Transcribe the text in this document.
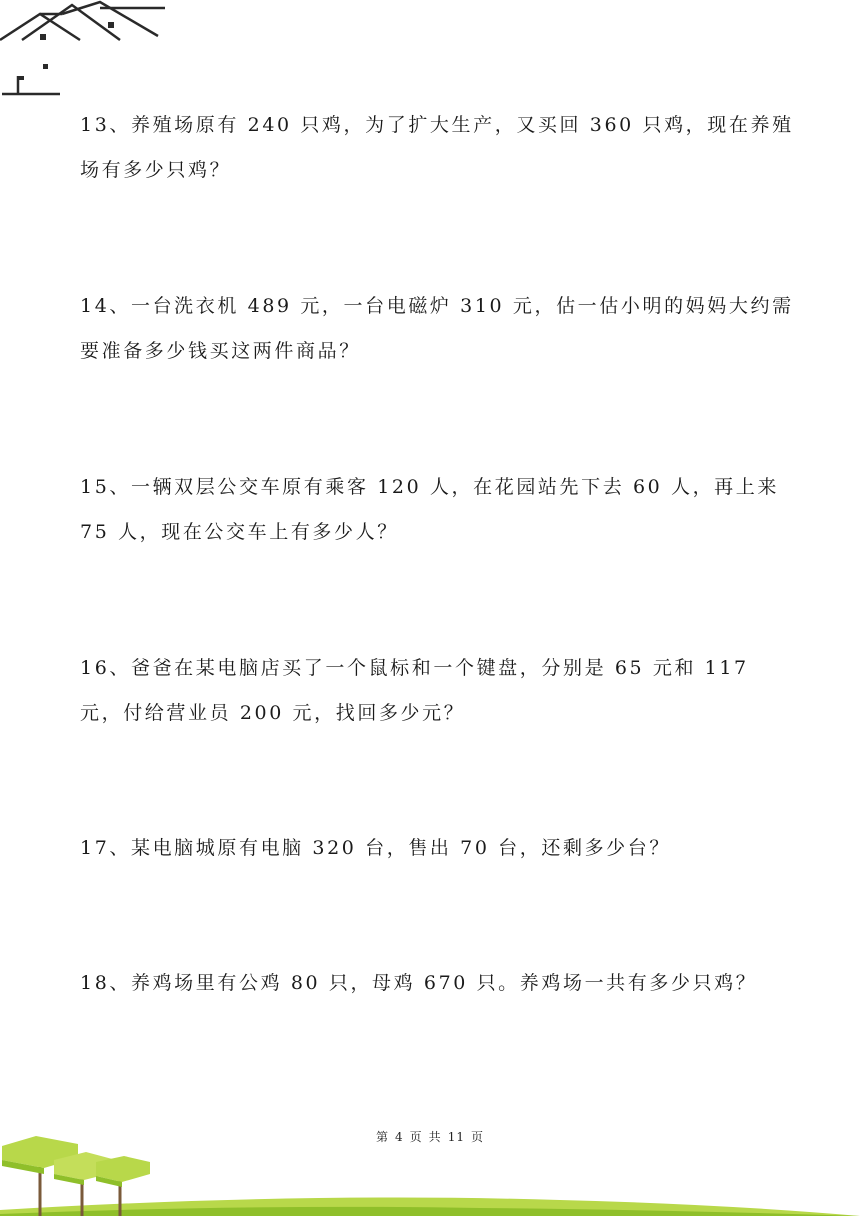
13、养殖场原有 240 只鸡，为了扩大生产，又买回 360 只鸡，现在养殖场有多少只鸡？
14、一台洗衣机 489 元，一台电磁炉 310 元，估一估小明的妈妈大约需要准备多少钱买这两件商品？
15、一辆双层公交车原有乘客 120 人，在花园站先下去 60 人，再上来 75 人，现在公交车上有多少人？
16、爸爸在某电脑店买了一个鼠标和一个键盘，分别是 65 元和 117 元，付给营业员 200 元，找回多少元？
17、某电脑城原有电脑 320 台，售出 70 台，还剩多少台？
18、养鸡场里有公鸡 80 只，母鸡 670 只。养鸡场一共有多少只鸡？
第 4 页 共 11 页
